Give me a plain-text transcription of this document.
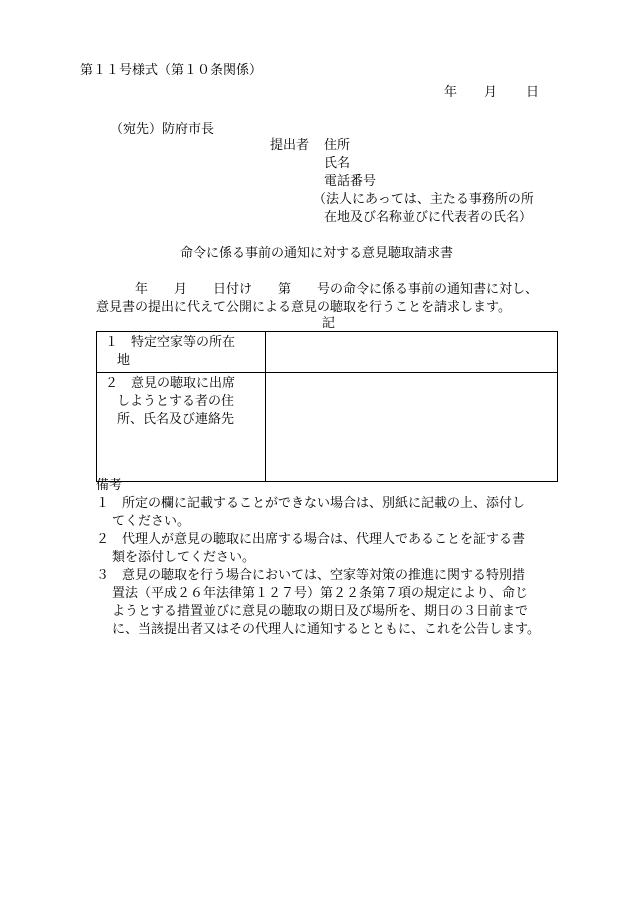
第１１号様式（第１０条関係）
年 月 日
（宛先）防府市長
提出者 住所
氏名
電話番号
（法人にあっては、主たる事務所の所
在地及び名称並びに代表者の氏名）
命令に係る事前の通知に対する意見聴取請求書
　　　年　　月　　日付け　　第　　号の命令に係る事前の通知書に対し、
意見書の提出に代えて公開による意見の聴取を行うことを請求します。
記
１　特定空家等の所在
地	

２　意見の聴取に出席
しようとする者の住
所、氏名及び連絡先	

備考
１　所定の欄に記載することができない場合は、別紙に記載の上、添付し
てください。
２　代理人が意見の聴取に出席する場合は、代理人であることを証する書
類を添付してください。
３　意見の聴取を行う場合においては、空家等対策の推進に関する特別措
置法（平成２６年法律第１２７号）第２２条第７項の規定により、命じ
ようとする措置並びに意見の聴取の期日及び場所を、期日の３日前まで
に、当該提出者又はその代理人に通知するとともに、これを公告します。
